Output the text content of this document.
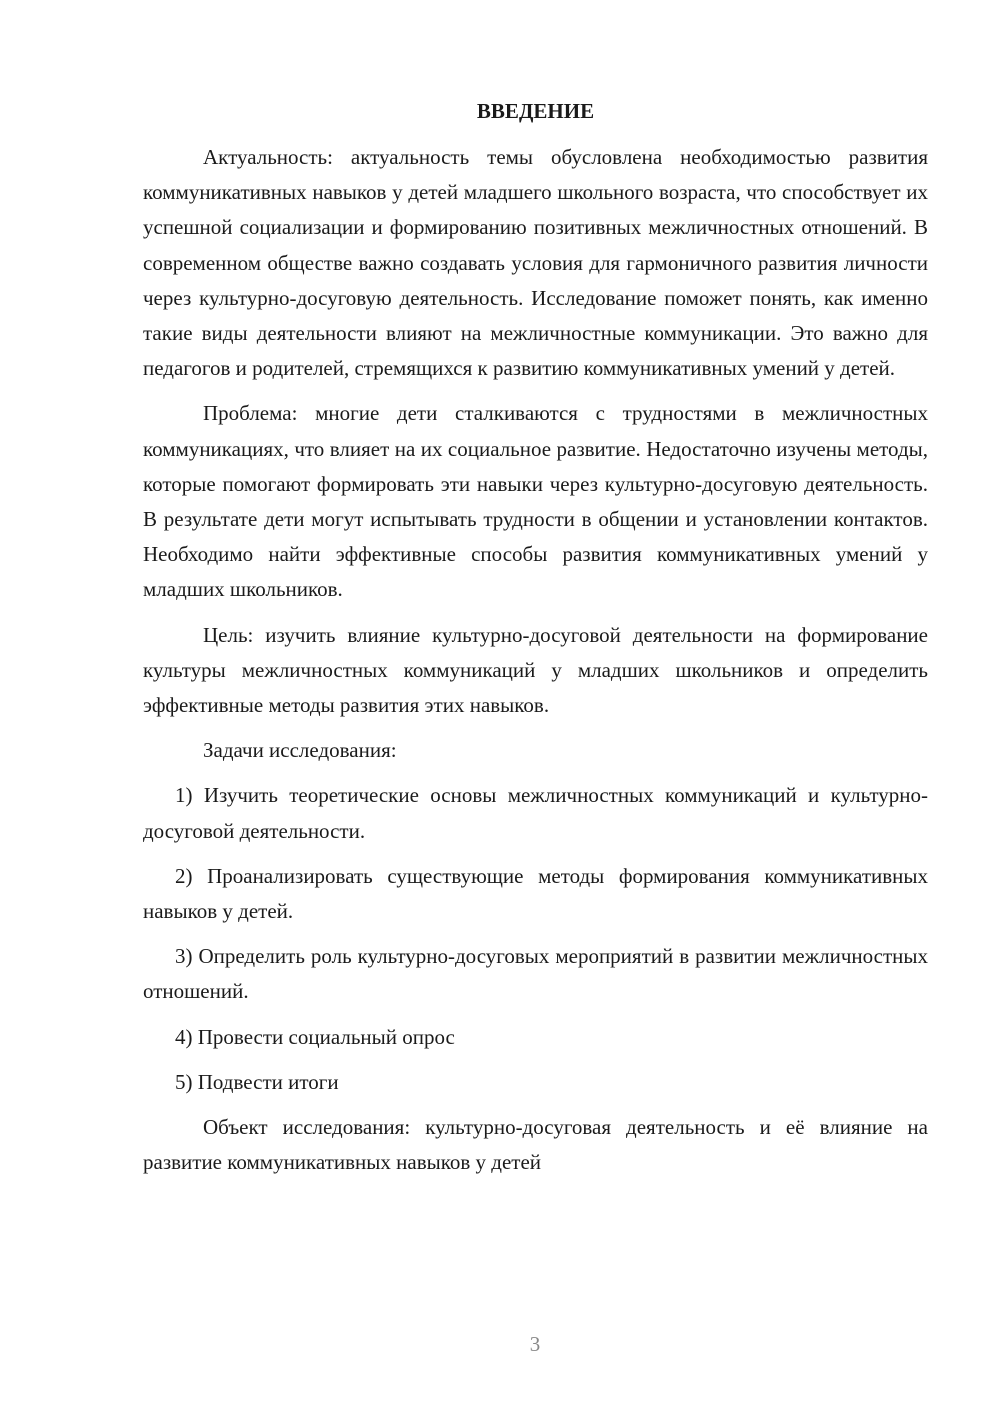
ВВЕДЕНИЕ

Актуальность: актуальность темы обусловлена необходимостью развития коммуникативных навыков у детей младшего школьного возраста, что способствует их успешной социализации и формированию позитивных межличностных отношений. В современном обществе важно создавать условия для гармоничного развития личности через культурно-досуговую деятельность. Исследование поможет понять, как именно такие виды деятельности влияют на межличностные коммуникации. Это важно для педагогов и родителей, стремящихся к развитию коммуникативных умений у детей.

Проблема: многие дети сталкиваются с трудностями в межличностных коммуникациях, что влияет на их социальное развитие. Недостаточно изучены методы, которые помогают формировать эти навыки через культурно-досуговую деятельность. В результате дети могут испытывать трудности в общении и установлении контактов. Необходимо найти эффективные способы развития коммуникативных умений у младших школьников.

Цель: изучить влияние культурно-досуговой деятельности на формирование культуры межличностных коммуникаций у младших школьников и определить эффективные методы развития этих навыков.

Задачи исследования:

1) Изучить теоретические основы межличностных коммуникаций и культурно-досуговой деятельности.

2) Проанализировать существующие методы формирования коммуникативных навыков у детей.

3) Определить роль культурно-досуговых мероприятий в развитии межличностных отношений.

4) Провести социальный опрос

5) Подвести итоги

Объект исследования: культурно-досуговая деятельность и её влияние на развитие коммуникативных навыков у детей

3
